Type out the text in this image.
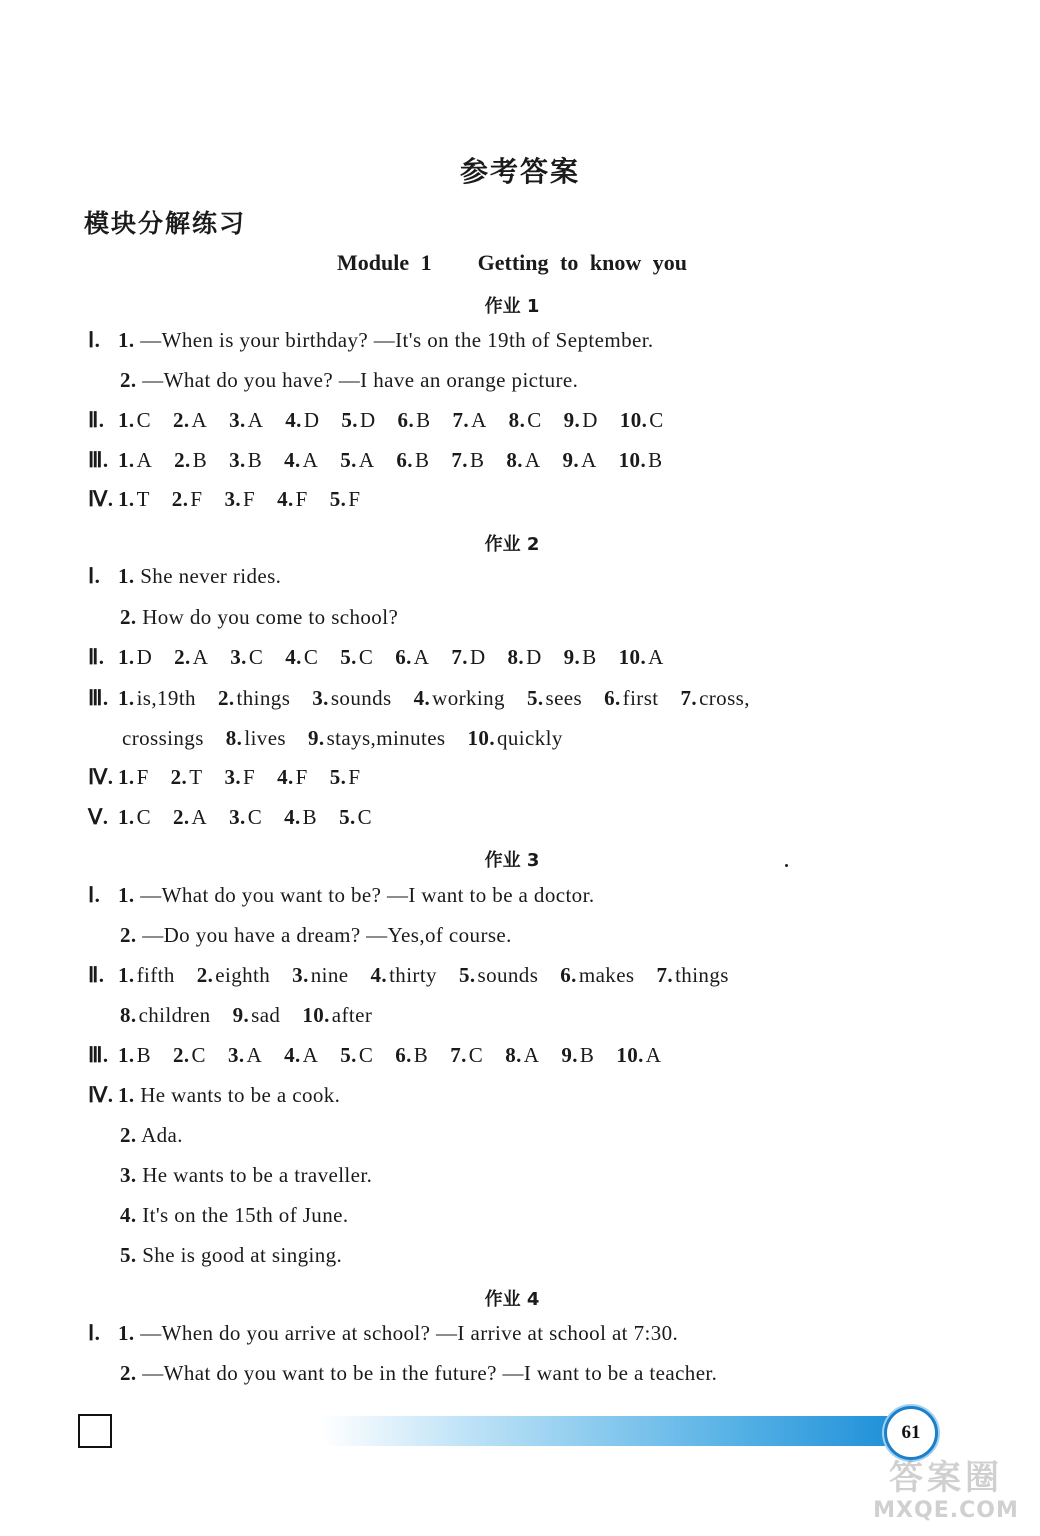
参考答案
模块分解练习
Module 1    Getting to know you
作业 1
Ⅰ. 1. —When is your birthday? —It's on the 19th of September.
2. —What do you have? —I have an orange picture.
Ⅱ. 1.C 2.A 3.A 4.D 5.D 6.B 7.A 8.C 9.D 10.C
Ⅲ. 1.A 2.B 3.B 4.A 5.A 6.B 7.B 8.A 9.A 10.B
Ⅳ. 1.T 2.F 3.F 4.F 5.F
作业 2
Ⅰ. 1. She never rides.
2. How do you come to school?
Ⅱ. 1.D 2.A 3.C 4.C 5.C 6.A 7.D 8.D 9.B 10.A
Ⅲ. 1.is,19th 2.things 3.sounds 4.working 5.sees 6.first 7.cross,
crossings 8.lives 9.stays,minutes 10.quickly
Ⅳ. 1.F 2.T 3.F 4.F 5.F
Ⅴ. 1.C 2.A 3.C 4.B 5.C
作业 3
Ⅰ. 1. —What do you want to be? —I want to be a doctor.
2. —Do you have a dream? —Yes,of course.
Ⅱ. 1.fifth 2.eighth 3.nine 4.thirty 5.sounds 6.makes 7.things
8.children 9.sad 10.after
Ⅲ. 1.B 2.C 3.A 4.A 5.C 6.B 7.C 8.A 9.B 10.A
Ⅳ. 1. He wants to be a cook.
2. Ada.
3. He wants to be a traveller.
4. It's on the 15th of June.
5. She is good at singing.
作业 4
Ⅰ. 1. —When do you arrive at school? —I arrive at school at 7:30.
2. —What do you want to be in the future? —I want to be a teacher.
61
答案圈
MXQE.COM
